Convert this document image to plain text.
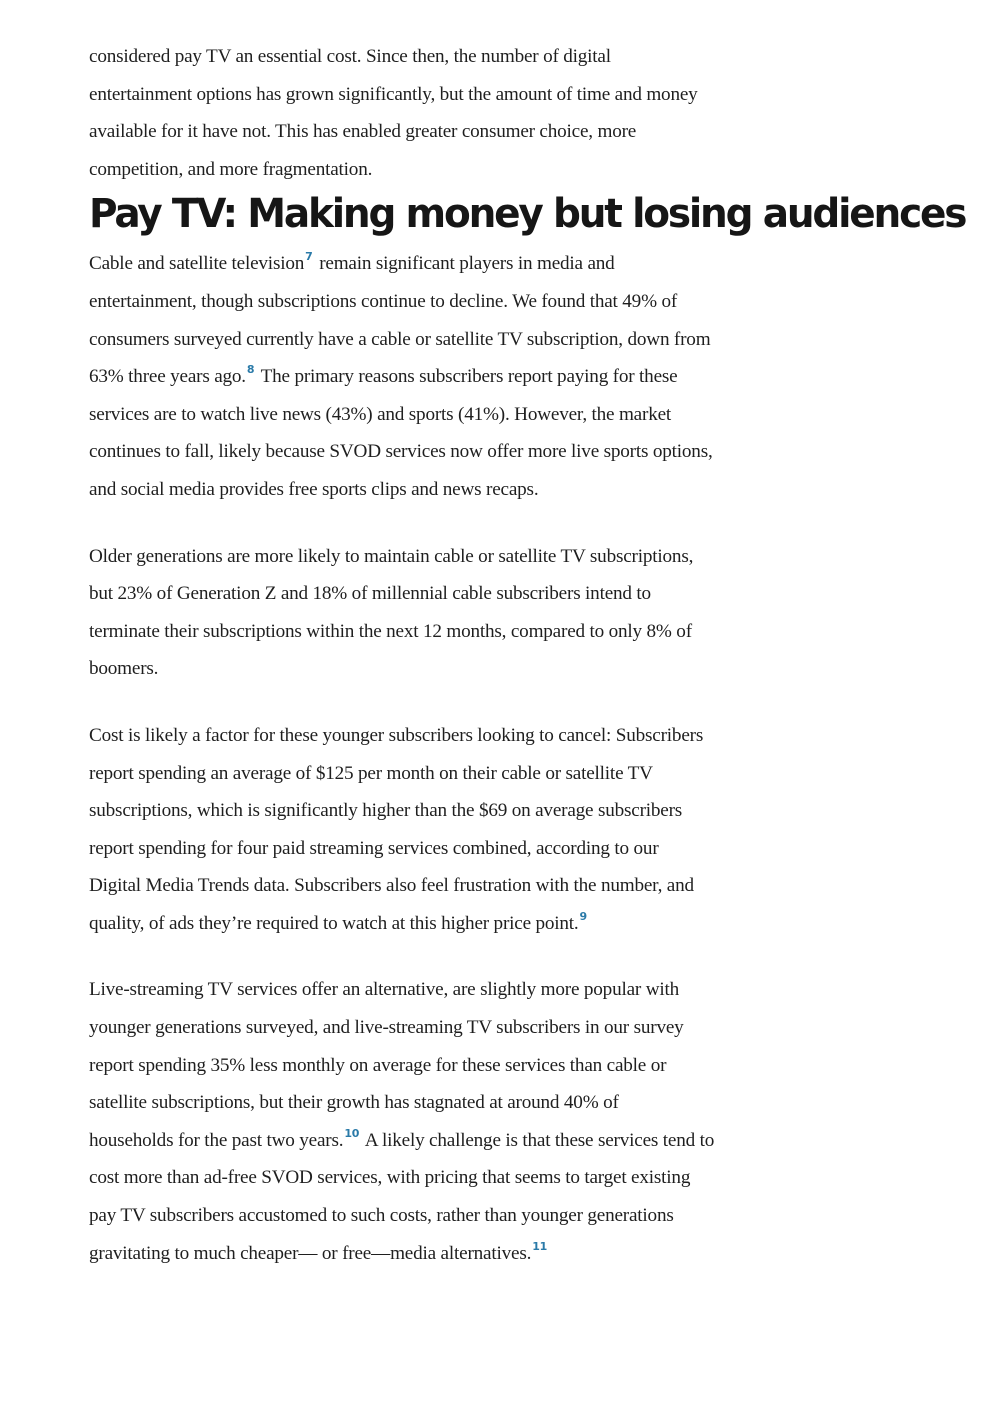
considered pay TV an essential cost. Since then, the number of digital
entertainment options has grown significantly, but the amount of time and money
available for it have not. This has enabled greater consumer choice, more
competition, and more fragmentation.

Pay TV: Making money but losing audiences

Cable and satellite television$^7$ remain significant players in media and
entertainment, though subscriptions continue to decline. We found that 49% of
consumers surveyed currently have a cable or satellite TV subscription, down from
63% three years ago.$^8$ The primary reasons subscribers report paying for these
services are to watch live news (43%) and sports (41%). However, the market
continues to fall, likely because SVOD services now offer more live sports options,
and social media provides free sports clips and news recaps.

Older generations are more likely to maintain cable or satellite TV subscriptions,
but 23% of Generation Z and 18% of millennial cable subscribers intend to
terminate their subscriptions within the next 12 months, compared to only 8% of
boomers.

Cost is likely a factor for these younger subscribers looking to cancel: Subscribers
report spending an average of $125 per month on their cable or satellite TV
subscriptions, which is significantly higher than the $69 on average subscribers
report spending for four paid streaming services combined, according to our
Digital Media Trends data. Subscribers also feel frustration with the number, and
quality, of ads they’re required to watch at this higher price point.$^9$

Live-streaming TV services offer an alternative, are slightly more popular with
younger generations surveyed, and live-streaming TV subscribers in our survey
report spending 35% less monthly on average for these services than cable or
satellite subscriptions, but their growth has stagnated at around 40% of
households for the past two years.$^{10}$ A likely challenge is that these services tend to
cost more than ad-free SVOD services, with pricing that seems to target existing
pay TV subscribers accustomed to such costs, rather than younger generations
gravitating to much cheaper— or free—media alternatives.$^{11}$
